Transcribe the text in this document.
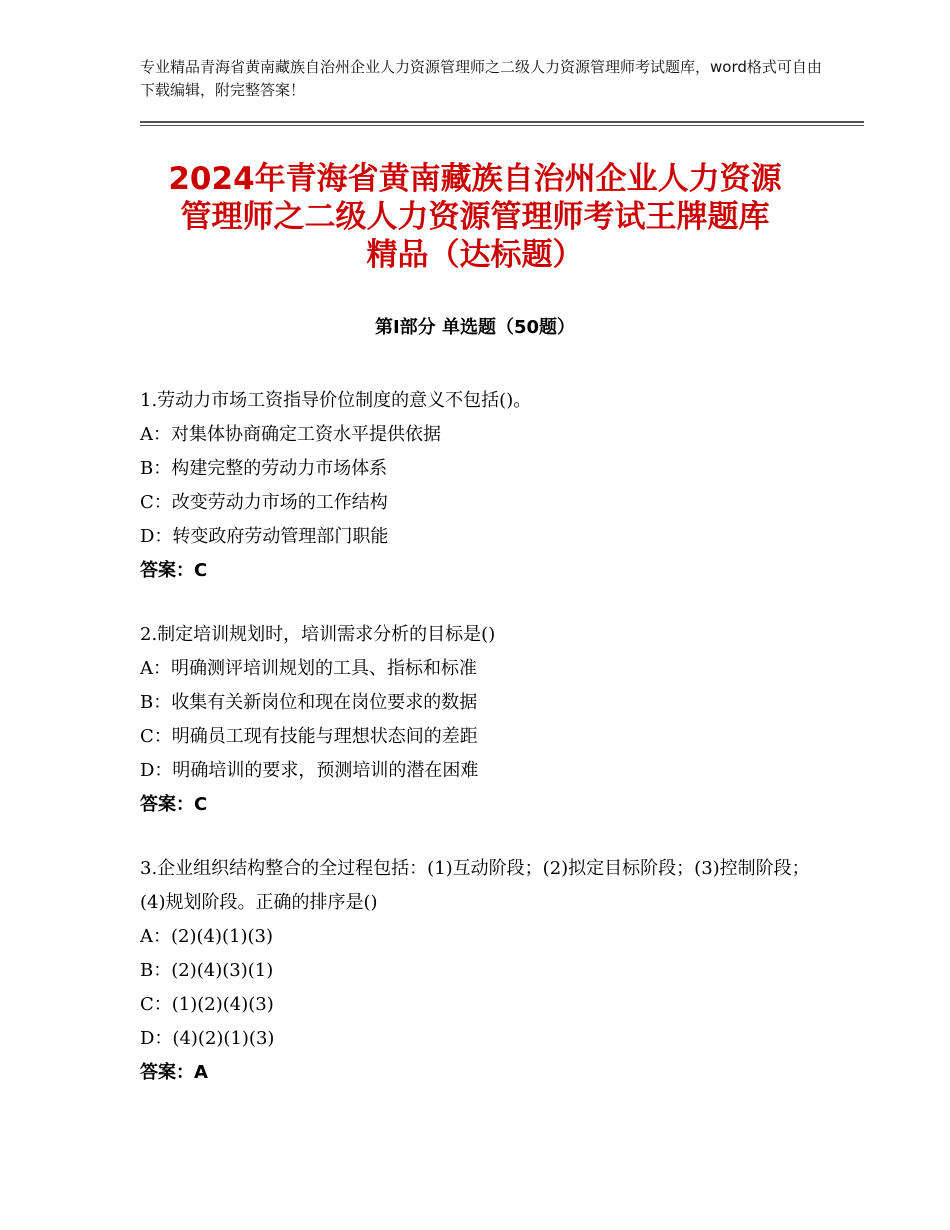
专业精品青海省黄南藏族自治州企业人力资源管理师之二级人力资源管理师考试题库，word格式可自由下载编辑，附完整答案！
2024年青海省黄南藏族自治州企业人力资源
管理师之二级人力资源管理师考试王牌题库
精品（达标题）
第Ⅰ部分 单选题（50题）
1.劳动力市场工资指导价位制度的意义不包括()。
A：对集体协商确定工资水平提供依据
B：构建完整的劳动力市场体系
C：改变劳动力市场的工作结构
D：转变政府劳动管理部门职能
答案：C
2.制定培训规划时，培训需求分析的目标是()
A：明确测评培训规划的工具、指标和标准
B：收集有关新岗位和现在岗位要求的数据
C：明确员工现有技能与理想状态间的差距
D：明确培训的要求，预测培训的潜在困难
答案：C
3.企业组织结构整合的全过程包括：(1)互动阶段；(2)拟定目标阶段；(3)控制阶段；(4)规划阶段。正确的排序是()
A：(2)(4)(1)(3)
B：(2)(4)(3)(1)
C：(1)(2)(4)(3)
D：(4)(2)(1)(3)
答案：A
